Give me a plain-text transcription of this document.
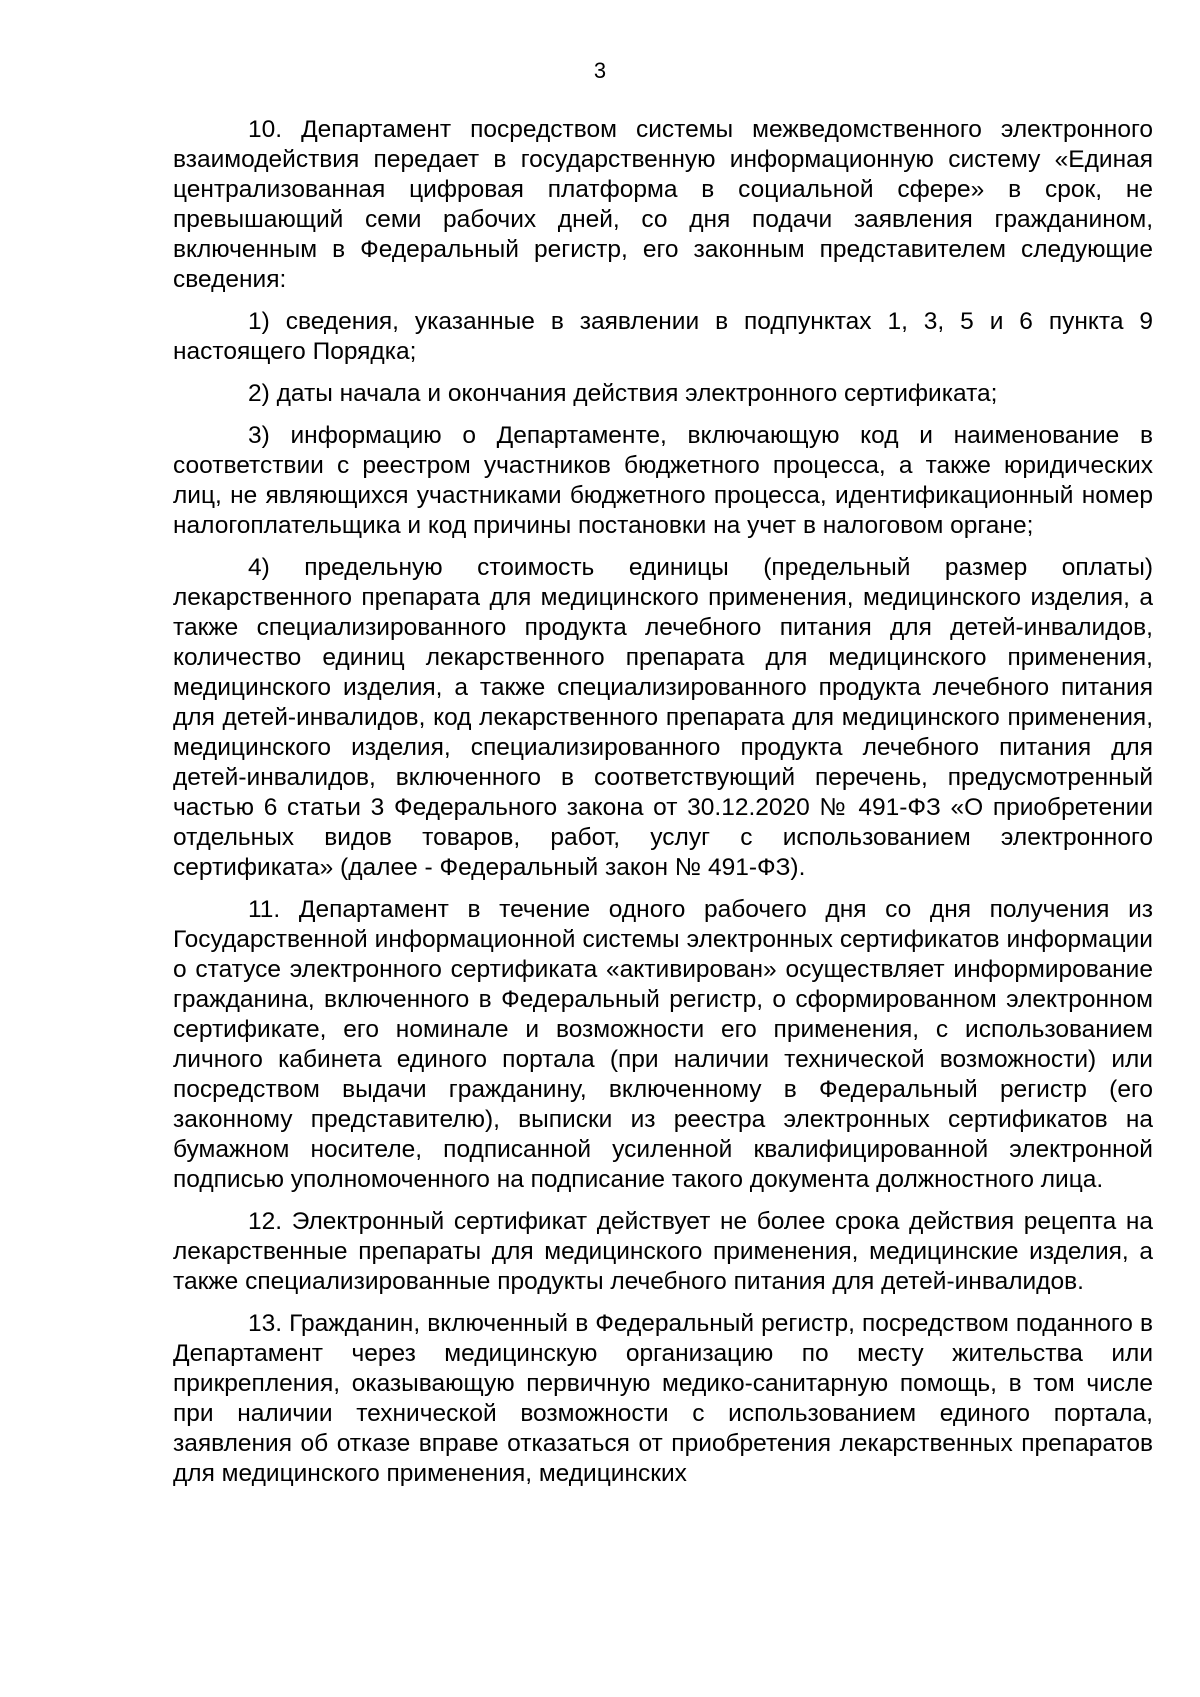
3

10. Департамент посредством системы межведомственного электронного взаимодействия передает в государственную информационную систему «Единая централизованная цифровая платформа в социальной сфере» в срок, не превышающий семи рабочих дней, со дня подачи заявления гражданином, включенным в Федеральный регистр, его законным представителем следующие сведения:

1) сведения, указанные в заявлении в подпунктах 1, 3, 5 и 6 пункта 9 настоящего Порядка;

2) даты начала и окончания действия электронного сертификата;

3) информацию о Департаменте, включающую код и наименование в соответствии с реестром участников бюджетного процесса, а также юридических лиц, не являющихся участниками бюджетного процесса, идентификационный номер налогоплательщика и код причины постановки на учет в налоговом органе;

4) предельную стоимость единицы (предельный размер оплаты) лекарственного препарата для медицинского применения, медицинского изделия, а также специализированного продукта лечебного питания для детей-инвалидов, количество единиц лекарственного препарата для медицинского применения, медицинского изделия, а также специализированного продукта лечебного питания для детей-инвалидов, код лекарственного препарата для медицинского применения, медицинского изделия, специализированного продукта лечебного питания для детей-инвалидов, включенного в соответствующий перечень, предусмотренный частью 6 статьи 3 Федерального закона от 30.12.2020 № 491-ФЗ «О приобретении отдельных видов товаров, работ, услуг с использованием электронного сертификата» (далее - Федеральный закон № 491-ФЗ).

11. Департамент в течение одного рабочего дня со дня получения из Государственной информационной системы электронных сертификатов информации о статусе электронного сертификата «активирован» осуществляет информирование гражданина, включенного в Федеральный регистр, о сформированном электронном сертификате, его номинале и возможности его применения, с использованием личного кабинета единого портала (при наличии технической возможности) или посредством выдачи гражданину, включенному в Федеральный регистр (его законному представителю), выписки из реестра электронных сертификатов на бумажном носителе, подписанной усиленной квалифицированной электронной подписью уполномоченного на подписание такого документа должностного лица.

12. Электронный сертификат действует не более срока действия рецепта на лекарственные препараты для медицинского применения, медицинские изделия, а также специализированные продукты лечебного питания для детей-инвалидов.

13. Гражданин, включенный в Федеральный регистр, посредством поданного в Департамент через медицинскую организацию по месту жительства или прикрепления, оказывающую первичную медико-санитарную помощь, в том числе при наличии технической возможности с использованием единого портала, заявления об отказе вправе отказаться от приобретения лекарственных препаратов для медицинского применения, медицинских
